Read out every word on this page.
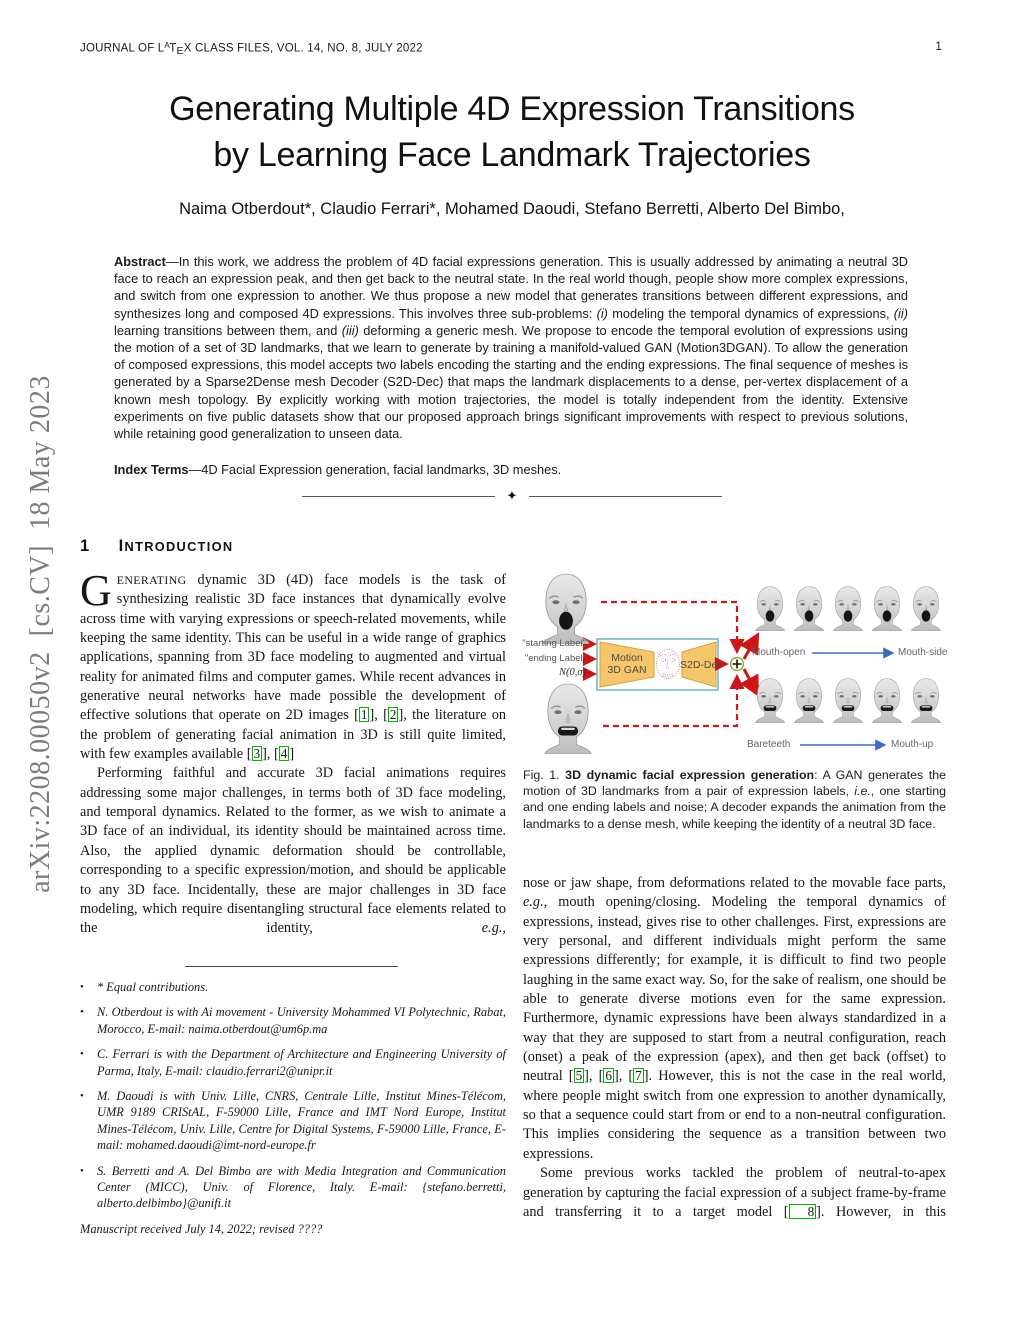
JOURNAL OF $L^ATEX$ CLASS FILES, VOL. 14, NO. 8, JULY 2022	1
arXiv:2208.00050v2  [cs.CV]  18 May 2023
Generating Multiple 4D Expression Transitions
by Learning Face Landmark Trajectories
Naima Otberdout*, Claudio Ferrari*, Mohamed Daoudi, Stefano Berretti, Alberto Del Bimbo,
Abstract—In this work, we address the problem of 4D facial expressions generation. This is usually addressed by animating a neutral 3D face to reach an expression peak, and then get back to the neutral state. In the real world though, people show more complex expressions, and switch from one expression to another. We thus propose a new model that generates transitions between different expressions, and synthesizes long and composed 4D expressions. This involves three sub-problems: (i) modeling the temporal dynamics of expressions, (ii) learning transitions between them, and (iii) deforming a generic mesh. We propose to encode the temporal evolution of expressions using the motion of a set of 3D landmarks, that we learn to generate by training a manifold-valued GAN (Motion3DGAN). To allow the generation of composed expressions, this model accepts two labels encoding the starting and the ending expressions. The final sequence of meshes is generated by a Sparse2Dense mesh Decoder (S2D-Dec) that maps the landmark displacements to a dense, per-vertex displacement of a known mesh topology. By explicitly working with motion trajectories, the model is totally independent from the identity. Extensive experiments on five public datasets show that our proposed approach brings significant improvements with respect to previous solutions, while retaining good generalization to unseen data.
Index Terms—4D Facial Expression generation, facial landmarks, 3D meshes.
✦
1 INTRODUCTION

GENERATING dynamic 3D (4D) face models is the task of synthesizing realistic 3D face instances that dynamically evolve across time with varying expressions or speech-related movements, while keeping the same identity. This can be useful in a wide range of graphics applications, spanning from 3D face modeling to augmented and virtual reality for animated films and computer games. While recent advances in generative neural networks have made possible the development of effective solutions that operate on 2D images [ 1 ], [ 2 ], the literature on the problem of generating facial animation in 3D is still quite limited, with few examples available [ 3 ], [ 4 ]

Performing faithful and accurate 3D facial animations requires addressing some major challenges, in terms both of 3D face modeling, and temporal dynamics. Related to the former, as we wish to animate a 3D face of an individual, its identity should be maintained across time. Also, the applied dynamic deformation should be controllable, corresponding to a specific expression/motion, and should be applicable to any 3D face. Incidentally, these are major challenges in 3D face modeling, which require disentangling structural face elements related to the identity, e.g.,

• * Equal contributions.
• N. Otberdout is with Ai movement - University Mohammed VI Polytechnic, Rabat, Morocco, E-mail: naima.otberdout@um6p.ma
• C. Ferrari is with the Department of Architecture and Engineering University of Parma, Italy, E-mail: claudio.ferrari2@unipr.it
• M. Daoudi is with Univ. Lille, CNRS, Centrale Lille, Institut Mines-Télécom, UMR 9189 CRIStAL, F-59000 Lille, France and IMT Nord Europe, Institut Mines-Télécom, Univ. Lille, Centre for Digital Systems, F-59000 Lille, France, E-mail: mohamed.daoudi@imt-nord-europe.fr
• S. Berretti and A. Del Bimbo are with Media Integration and Communication Center (MICC), Univ. of Florence, Italy. E-mail: {stefano.berretti, alberto.delbimbo}@unifi.it
Manuscript received July 14, 2022; revised ????
"starting Label"
"ending Label"
N(0,σ)
Motion
3D GAN	S2D-Dec
Mouth-open	Mouth-side
Bareteeth	Mouth-up
Fig. 1. 3D dynamic facial expression generation: A GAN generates the motion of 3D landmarks from a pair of expression labels, i.e., one starting and one ending labels and noise; A decoder expands the animation from the landmarks to a dense mesh, while keeping the identity of a neutral 3D face.

nose or jaw shape, from deformations related to the movable face parts, e.g., mouth opening/closing. Modeling the temporal dynamics of expressions, instead, gives rise to other challenges. First, expressions are very personal, and different individuals might perform the same expressions differently; for example, it is difficult to find two people laughing in the same exact way. So, for the sake of realism, one should be able to generate diverse motions even for the same expression. Furthermore, dynamic expressions have been always standardized in a way that they are supposed to start from a neutral configuration, reach (onset) a peak of the expression (apex), and then get back (offset) to neutral [ 5 ], [ 6 ], [ 7 ]. However, this is not the case in the real world, where people might switch from one expression to another dynamically, so that a sequence could start from or end to a non-neutral configuration. This implies considering the sequence as a transition between two expressions.

Some previous works tackled the problem of neutral-to-apex generation by capturing the facial expression of a subject frame-by-frame and transferring it to a target model [ 8 ]. However, in this
